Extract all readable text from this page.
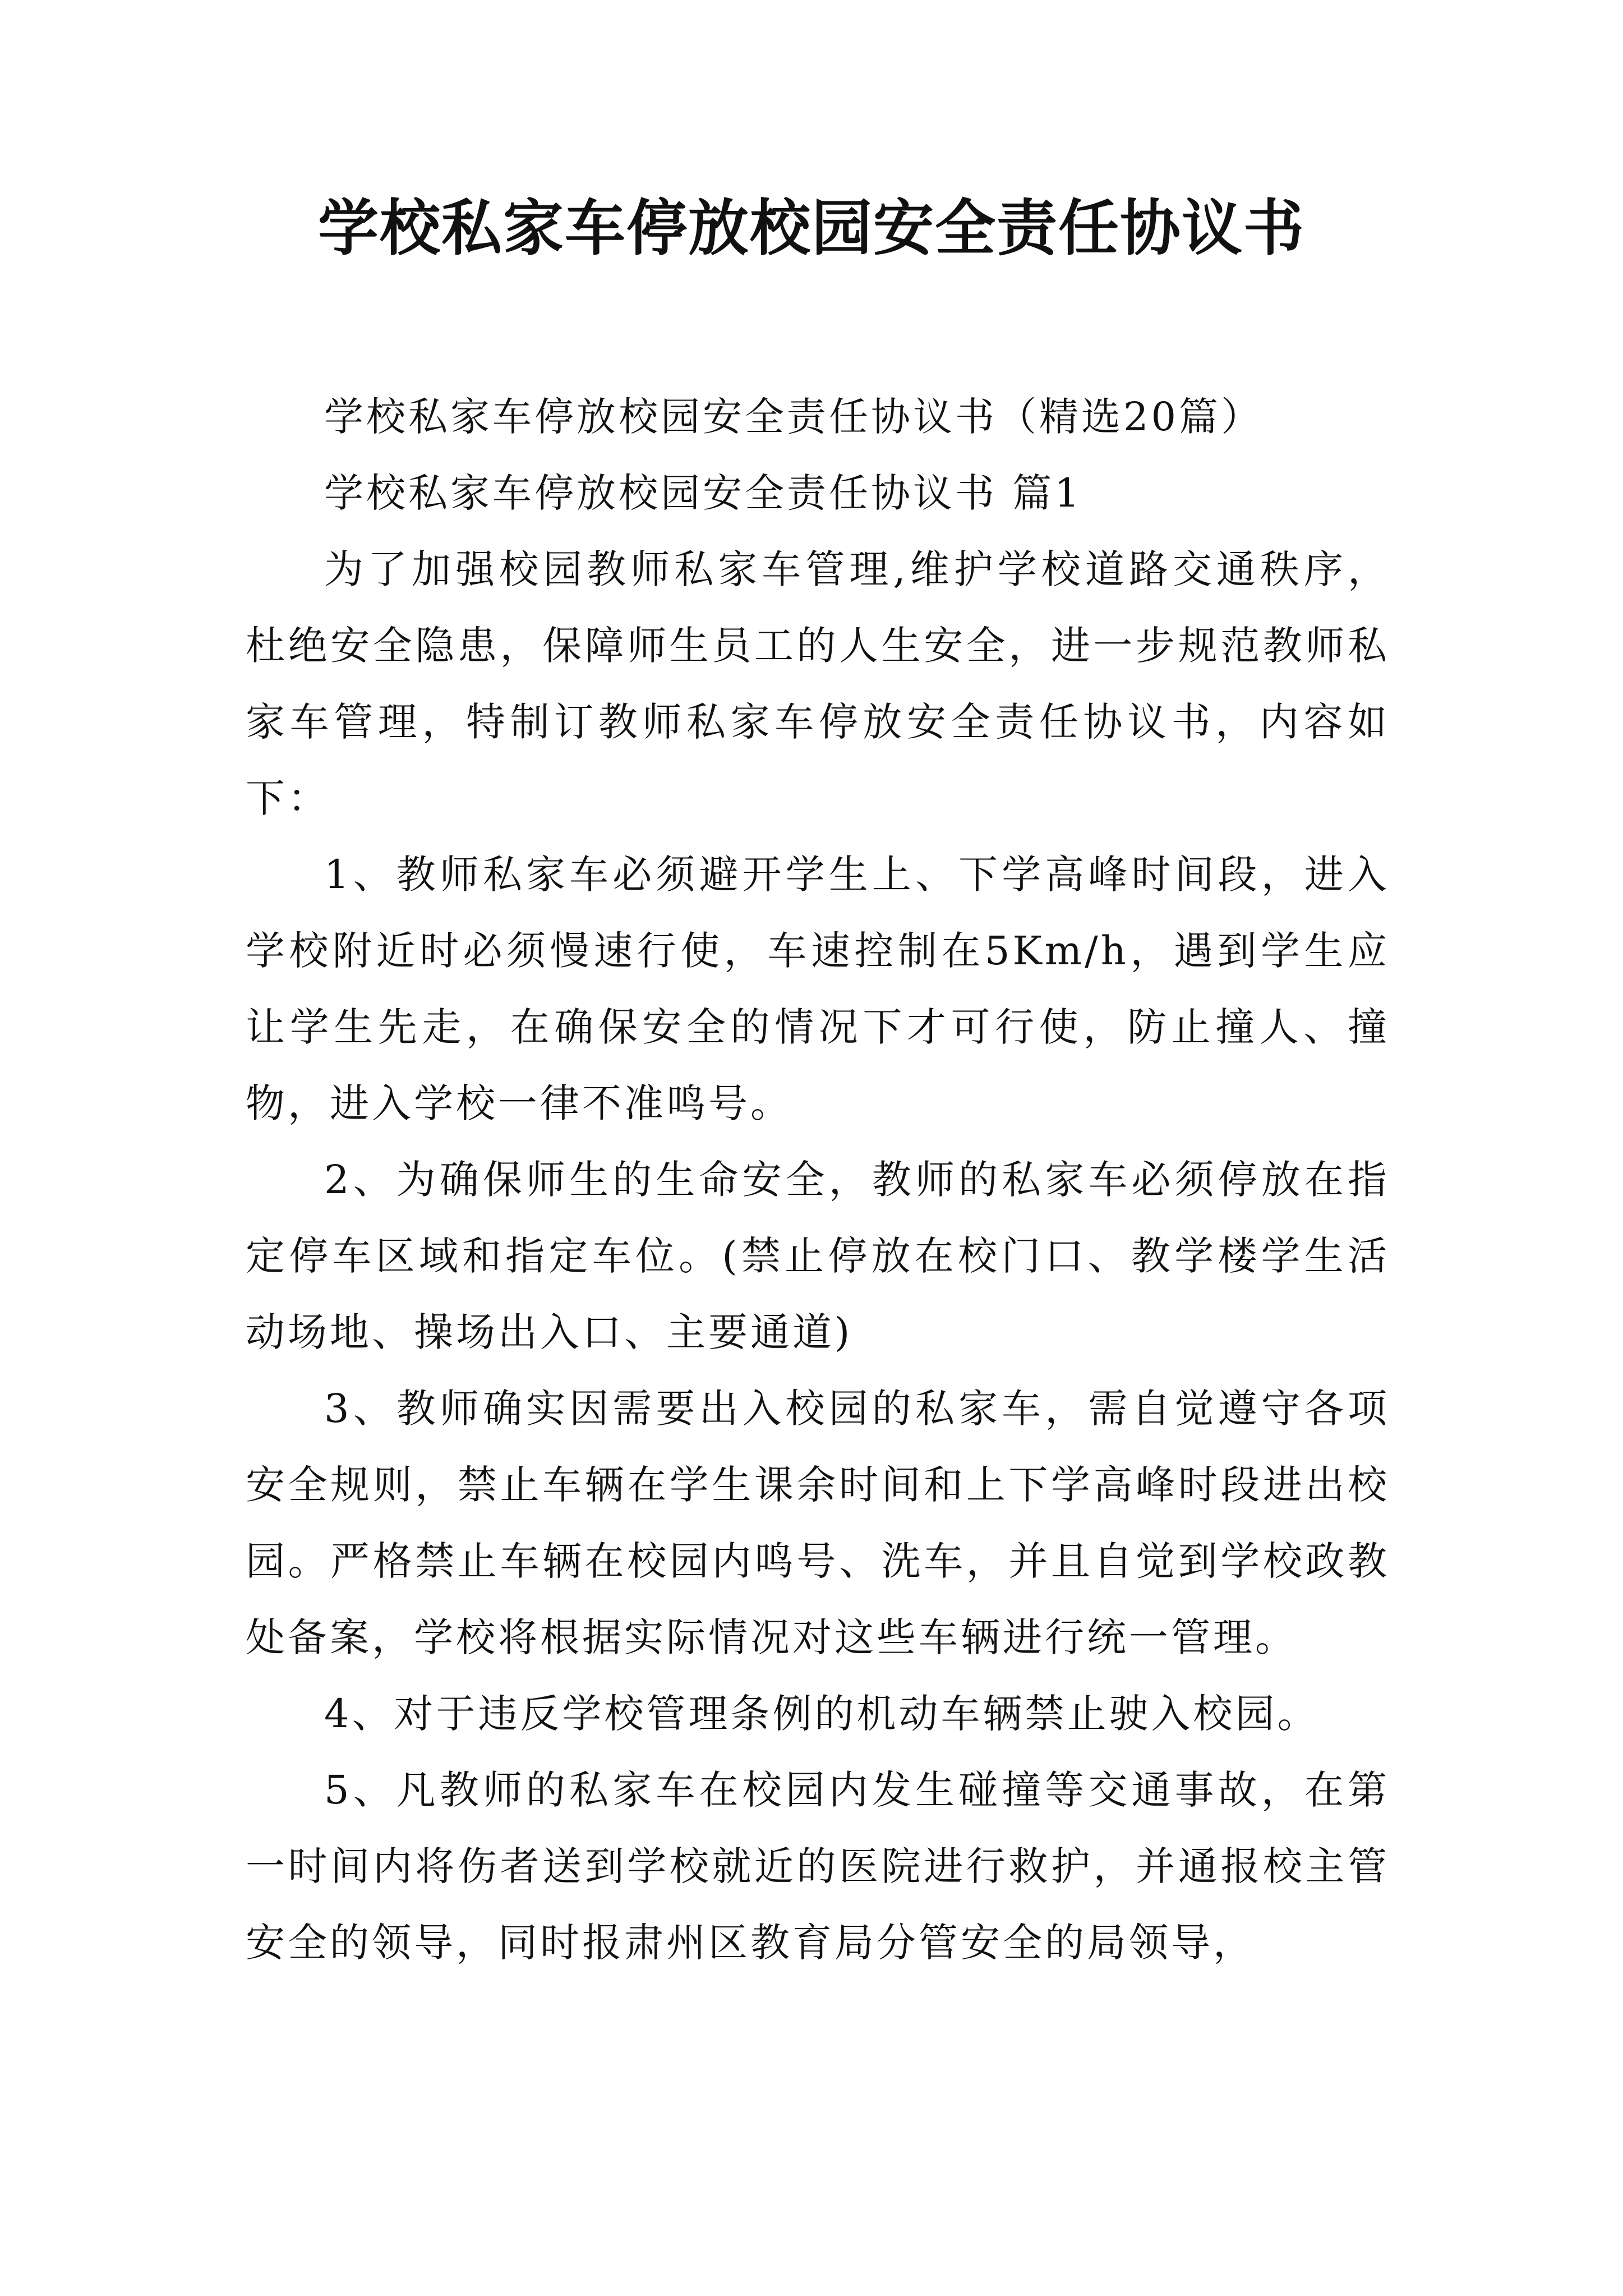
学校私家车停放校园安全责任协议书

学校私家车停放校园安全责任协议书（精选20篇）

学校私家车停放校园安全责任协议书 篇1

为了加强校园教师私家车管理,维护学校道路交通秩序，杜绝安全隐患，保障师生员工的人生安全，进一步规范教师私家车管理，特制订教师私家车停放安全责任协议书，内容如下：

1、教师私家车必须避开学生上、下学高峰时间段，进入学校附近时必须慢速行使，车速控制在5Km/h，遇到学生应让学生先走，在确保安全的情况下才可行使，防止撞人、撞物，进入学校一律不准鸣号。

2、为确保师生的生命安全，教师的私家车必须停放在指定停车区域和指定车位。(禁止停放在校门口、教学楼学生活动场地、操场出入口、主要通道)

3、教师确实因需要出入校园的私家车，需自觉遵守各项安全规则，禁止车辆在学生课余时间和上下学高峰时段进出校园。严格禁止车辆在校园内鸣号、洗车，并且自觉到学校政教处备案，学校将根据实际情况对这些车辆进行统一管理。

4、对于违反学校管理条例的机动车辆禁止驶入校园。

5、凡教师的私家车在校园内发生碰撞等交通事故，在第一时间内将伤者送到学校就近的医院进行救护，并通报校主管安全的领导，同时报肃州区教育局分管安全的局领导，
